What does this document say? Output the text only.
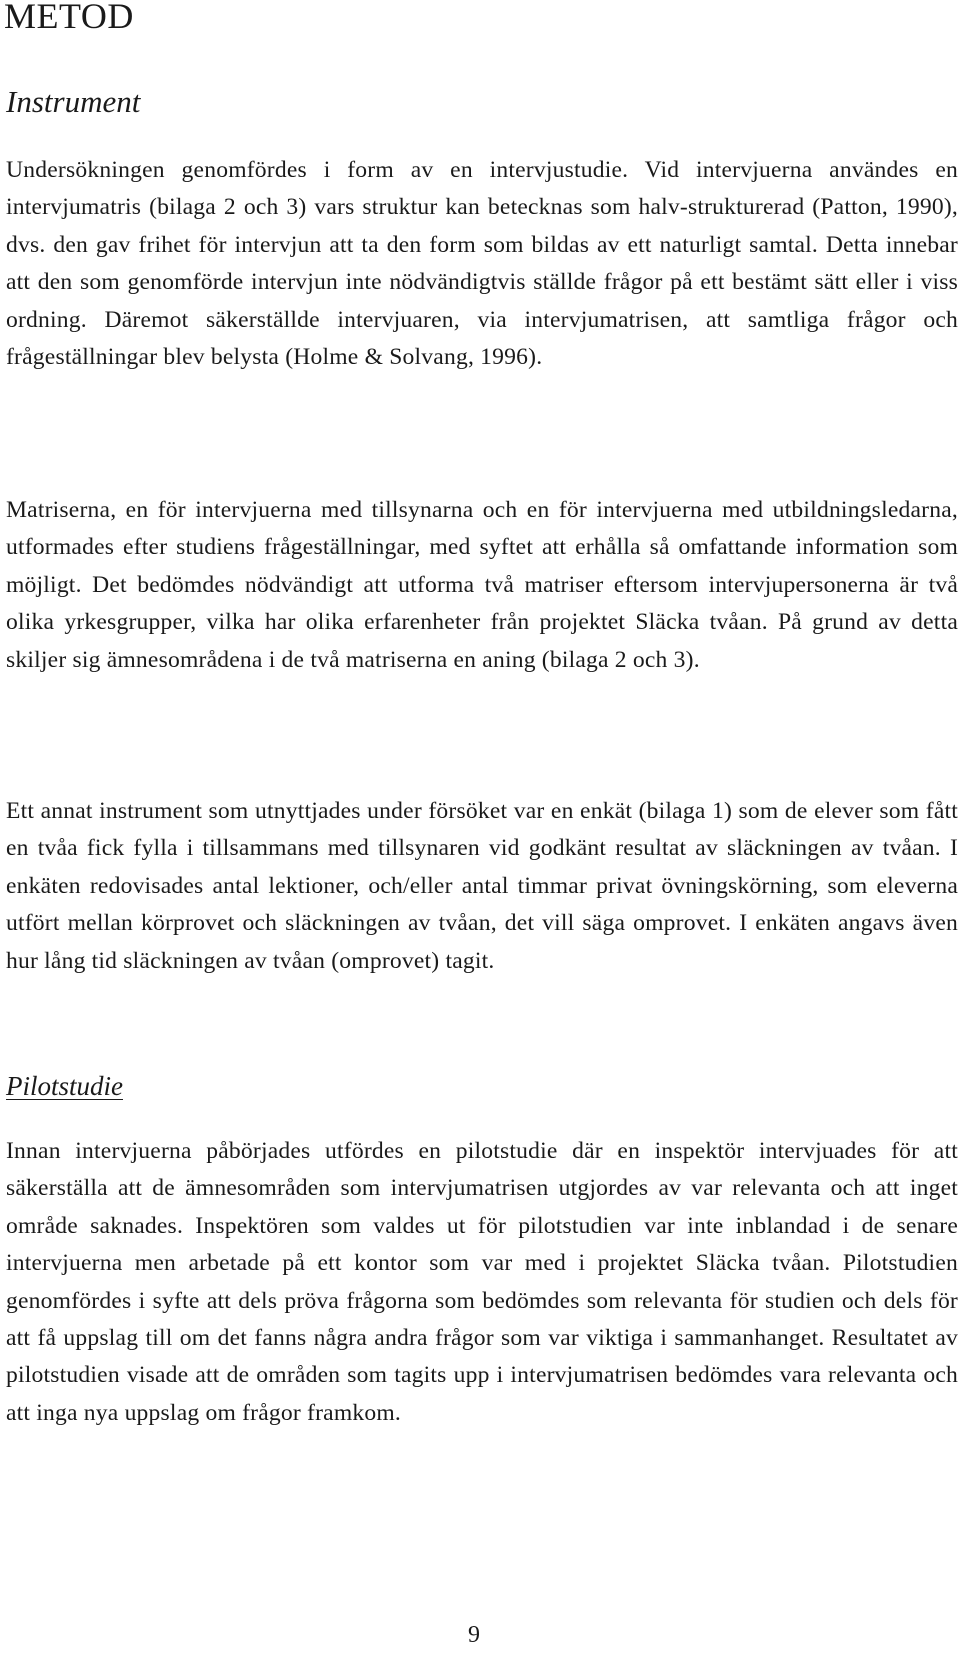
METOD
Instrument

Undersökningen genomfördes i form av en intervjustudie. Vid intervjuerna användes en intervjumatris (bilaga 2 och 3) vars struktur kan betecknas som halv-strukturerad (Patton, 1990), dvs. den gav frihet för intervjun att ta den form som bildas av ett naturligt samtal. Detta innebar att den som genomförde intervjun inte nödvändigtvis ställde frågor på ett bestämt sätt eller i viss ordning. Däremot säkerställde intervjuaren, via intervjumatrisen, att samtliga frågor och frågeställningar blev belysta (Holme & Solvang, 1996).

Matriserna, en för intervjuerna med tillsynarna och en för intervjuerna med utbildningsledarna, utformades efter studiens frågeställningar, med syftet att erhålla så omfattande information som möjligt. Det bedömdes nödvändigt att utforma två matriser eftersom intervjupersonerna är två olika yrkesgrupper, vilka har olika erfarenheter från projektet Släcka tvåan. På grund av detta skiljer sig ämnesområdena i de två matriserna en aning (bilaga 2 och 3).

Ett annat instrument som utnyttjades under försöket var en enkät (bilaga 1) som de elever som fått en tvåa fick fylla i tillsammans med tillsynaren vid godkänt resultat av släckningen av tvåan. I enkäten redovisades antal lektioner, och/eller antal timmar privat övningskörning, som eleverna utfört mellan körprovet och släckningen av tvåan, det vill säga omprovet. I enkäten angavs även hur lång tid släckningen av tvåan (omprovet) tagit.

Pilotstudie

Innan intervjuerna påbörjades utfördes en pilotstudie där en inspektör intervjuades för att säkerställa att de ämnesområden som intervjumatrisen utgjordes av var relevanta och att inget område saknades. Inspektören som valdes ut för pilotstudien var inte inblandad i de senare intervjuerna men arbetade på ett kontor som var med i projektet Släcka tvåan. Pilotstudien genomfördes i syfte att dels pröva frågorna som bedömdes som relevanta för studien och dels för att få uppslag till om det fanns några andra frågor som var viktiga i sammanhanget. Resultatet av pilotstudien visade att de områden som tagits upp i intervjumatrisen bedömdes vara relevanta och att inga nya uppslag om frågor framkom.

9
